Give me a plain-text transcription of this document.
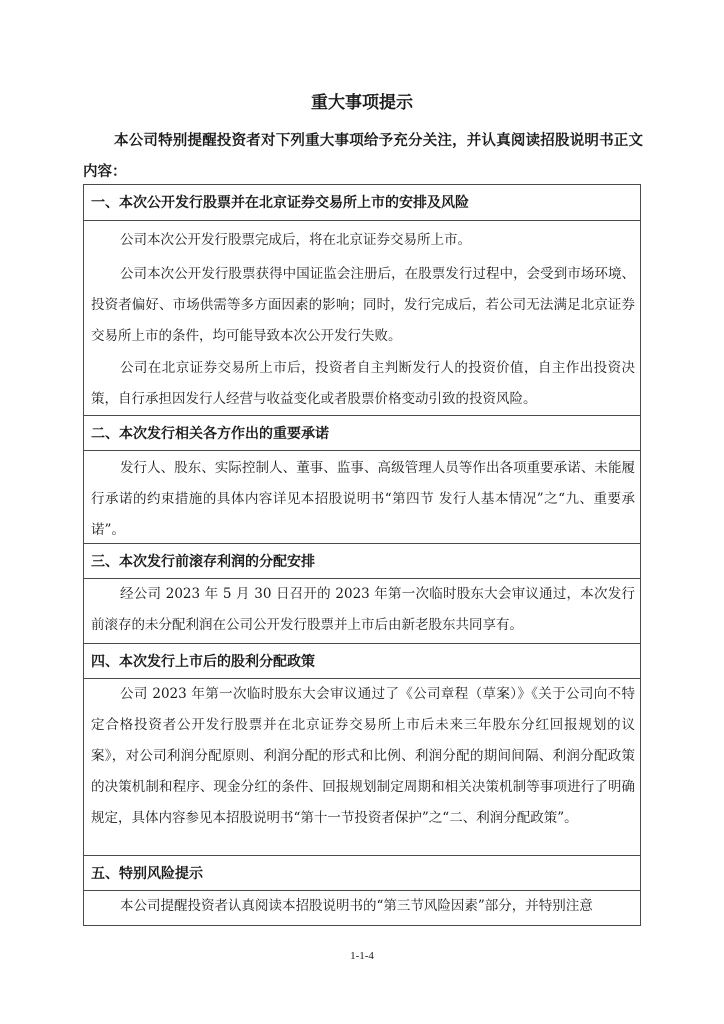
重大事项提示
本公司特别提醒投资者对下列重大事项给予充分关注，并认真阅读招股说明书正文内容：
一、本次公开发行股票并在北京证券交易所上市的安排及风险
公司本次公开发行股票完成后，将在北京证券交易所上市。
公司本次公开发行股票获得中国证监会注册后，在股票发行过程中，会受到市场环境、投资者偏好、市场供需等多方面因素的影响；同时，发行完成后，若公司无法满足北京证券交易所上市的条件，均可能导致本次公开发行失败。
公司在北京证券交易所上市后，投资者自主判断发行人的投资价值，自主作出投资决策，自行承担因发行人经营与收益变化或者股票价格变动引致的投资风险。
二、本次发行相关各方作出的重要承诺
发行人、股东、实际控制人、董事、监事、高级管理人员等作出各项重要承诺、未能履行承诺的约束措施的具体内容详见本招股说明书“第四节 发行人基本情况”之“九、重要承诺”。
三、本次发行前滚存利润的分配安排
经公司 2023 年 5 月 30 日召开的 2023 年第一次临时股东大会审议通过，本次发行前滚存的未分配利润在公司公开发行股票并上市后由新老股东共同享有。
四、本次发行上市后的股利分配政策
公司 2023 年第一次临时股东大会审议通过了《公司章程（草案）》《关于公司向不特定合格投资者公开发行股票并在北京证券交易所上市后未来三年股东分红回报规划的议案》，对公司利润分配原则、利润分配的形式和比例、利润分配的期间间隔、利润分配政策的决策机制和程序、现金分红的条件、回报规划制定周期和相关决策机制等事项进行了明确规定，具体内容参见本招股说明书“第十一节投资者保护”之“二、利润分配政策”。
五、特别风险提示
本公司提醒投资者认真阅读本招股说明书的“第三节风险因素”部分，并特别注意
1-1-4
